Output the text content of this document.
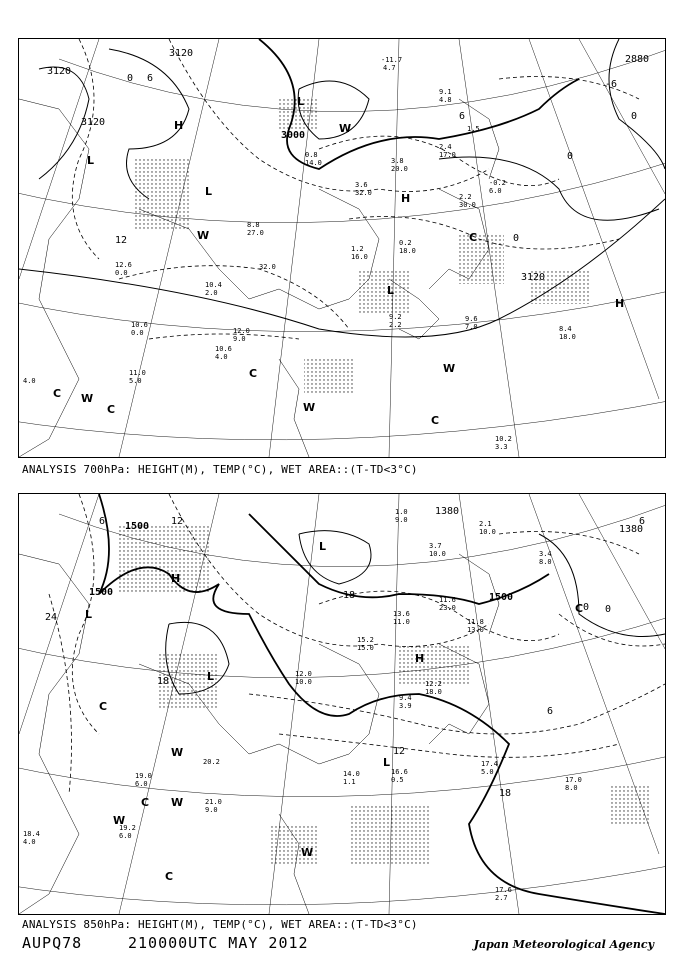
3120
3120
3120
3000
2880
3120
0 6
12
-6
0
0
0
6
H
L
L
L
H
L
H
C
C
C
C
C
W
W
W
W
W
-11.7
4.7
9.1
4.8
1.5
2.4
17.0
3.8
20.0
3.6
32.0	2.2
30.0
0.2
18.0
0.8
14.0
1.2
16.0
8.8
27.0
9.6
7.0	8.4
18.0
10.2
3.3
10.4
2.0
10.6
0.0
11.0
5.0
12.0
9.0
10.6
4.0
9.2
2.2
12.6
0.0
-0.2
6.0
4.0
32.0
ANALYSIS 700hPa: HEIGHT(M), TEMP(°C), WET AREA::(T-TD<3°C)
1500
1500	1500
1380
1380
12
6
24
18
0
6
12
18
0
6
18
H
L
L
H
L
L
C
C
C
C
W
W
W
W
1.0
9.0	2.1
10.0
3.7
10.0	3.4
8.0
11.6
23.0
11.8
13.0
12.2
18.0
9.4
3.9
17.4
5.0
17.0
8.0
17.6
2.7
21.0
9.0
19.2
6.0
18.4
4.0
19.0
6.0
20.2
14.0
1.1
16.6
0.5
15.2
15.0
13.6
11.0
12.0
10.0
ANALYSIS 850hPa: HEIGHT(M), TEMP(°C), WET AREA::(T-TD<3°C)
AUPQ78	210000UTC MAY 2012	Japan Meteorological Agency
